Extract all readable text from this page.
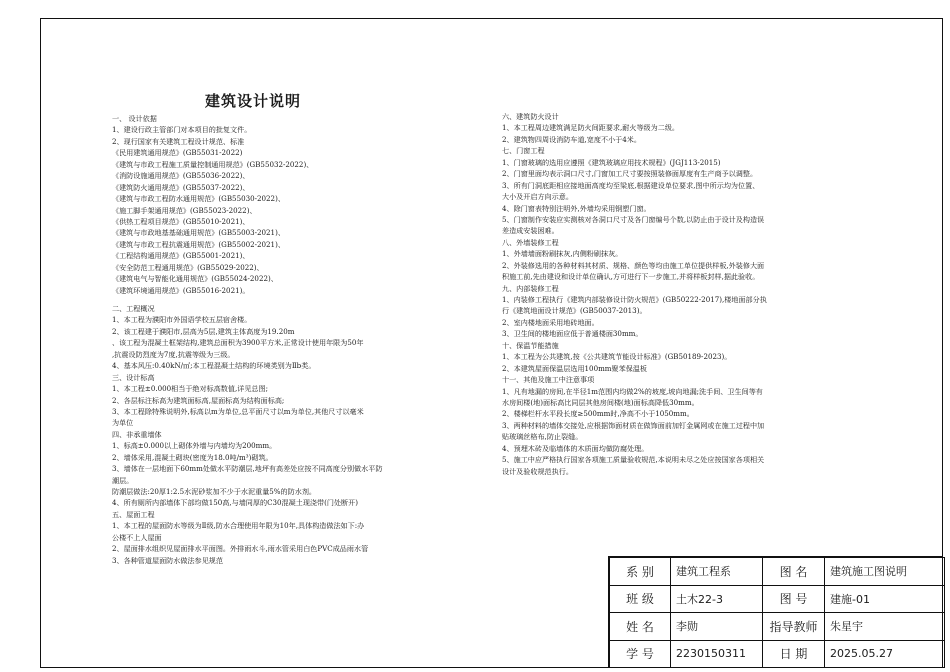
建筑设计说明
一、 设计依据
1、建设行政主管部门对本项目的批复文件。
2、现行国家有关建筑工程设计规范、标准
《民用建筑通用规范》(GB55031-2022)
《建筑与市政工程施工质量控制通用规范》(GB55032-2022)、
《消防设施通用规范》(GB55036-2022)、
《建筑防火通用规范》(GB55037-2022)、
《建筑与市政工程防水通用规范》(GB55030-2022)、
《施工脚手架通用规范》(GB55023-2022)、
《供热工程项目规范》(GB55010-2021)、
《建筑与市政地基基础通用规范》(GB55003-2021)、
《建筑与市政工程抗震通用规范》(GB55002-2021)、
《工程结构通用规范》(GB55001-2021)、
《安全防范工程通用规范》(GB55029-2022)、
《建筑电气与智能化通用规范》(GB55024-2022)、
《建筑环境通用规范》(GB55016-2021)。
二、工程概况
1、本工程为濮阳市外国语学校五层宿舍楼。
2、该工程建于濮阳市,层高为5层,建筑主体高度为19.20m
、该工程为混凝土框架结构,建筑总面积为3900平方米,正常设计使用年限为50年
,抗震设防烈度为7度,抗震等级为三级。
4、基本风压:0.40kN/㎡;本工程混凝土结构的环境类别为Ⅱb类。
三、设计标高
1、本工程±0.000相当于绝对标高数值,详见总图;
2、各层标注标高为建筑面标高,屋面标高为结构面标高;
3、本工程除特殊说明外,标高以m为单位,总平面尺寸以m为单位,其他尺寸以毫米
为单位
四、非承重墙体
1、标高±0.000以上砌体外墙与内墙均为200mm。
2、墙体采用,混凝土砌块(密度为18.0吨/m³)砌筑。
3、墙体在一层地面下60mm处做水平防潮层,地坪有高差处应按不同高度分别做水平防
潮层。
防潮层做法:20厚1:2.5水泥砂浆加不少于水泥重量5%的防水剂。
4、所有厕所内部墙体下部均做150高,与墙同厚的C30混凝土现浇带(门处断开)
五、屋面工程
1、本工程的屋面防水等级为Ⅱ级,防水合理使用年限为10年,具体构造做法如下:办
公楼不上人屋面
2、屋面排水组织见屋面排水平面图。外排雨水斗,雨水管采用白色PVC成品雨水管
3、各种管道屋面防水做法参见规范
六、建筑防火设计
1、本工程周边建筑满足防火间距要求,耐火等级为二级。
2、建筑物四周设消防车道,宽度不小于4米。
七、门窗工程
1、门窗玻璃的选用应遵照《建筑玻璃应用技术规程》(JGJ113-2015)
2、门窗里面均表示洞口尺寸,门窗加工尺寸要按照装修面厚度有生产商予以调整。
3、所有门洞底距相应接地面高度均至梁底,根据建设单位要求,图中所示均为位置、
大小及开启方向示意。
4、除门窗表特别注明外,外墙均采用钢塑门窗。
5、门窗制作安装应实测核对各洞口尺寸及各门窗编号个数,以防止由于设计及构造误
差造成安装困难。
八、外墙装修工程
1、外墙墙面粉刷抹灰,内侧粉刷抹灰。
2、外装修选用的各种材料其材质、规格、颜色等均由施工单位提供样板,外装修大面
积施工前,先由建设和设计单位确认,方可进行下一步施工,并将样板封样,据此验收。
九、内部装修工程
1、内装修工程执行《建筑内部装修设计防火规范》(GB50222-2017),楼地面部分执
行《建筑地面设计规范》(GB50037-2013)。
2、室内楼地面采用地砖地面。
3、卫生间的楼地面应低于普通楼面30mm。
十、保温节能措施
1、本工程为公共建筑,按《公共建筑节能设计标准》(GB50189-2023)。
2、本建筑屋面保温层选用100mm聚苯保温板
十一、其他及施工中注意事项
1、凡有地漏的房间,在半径1m范围内均做2%的坡度,坡向地漏;洗手间、卫生间等有
水房间楼(地)面标高比同层其他房间楼(地)面标高降低30mm。
2、楼梯栏杆水平段长度≥500mm时,净高不小于1050mm。
3、两种材料的墙体交接处,应根据饰面材质在做饰面前加钉金属网或在施工过程中加
贴玻璃丝格布,防止裂缝。
4、预埋木砖及临墙体的木质面均做防腐处理。
5、施工中应严格执行国家各项施工质量验收规范,本说明未尽之处应按国家各项相关
设计及验收规范执行。
系 别	建筑工程系	图 名	建筑施工图说明
班 级	土木22-3	图 号	建施-01
姓 名	李勋	指导教师	朱星宇
学 号	2230150311	日 期	2025.05.27
